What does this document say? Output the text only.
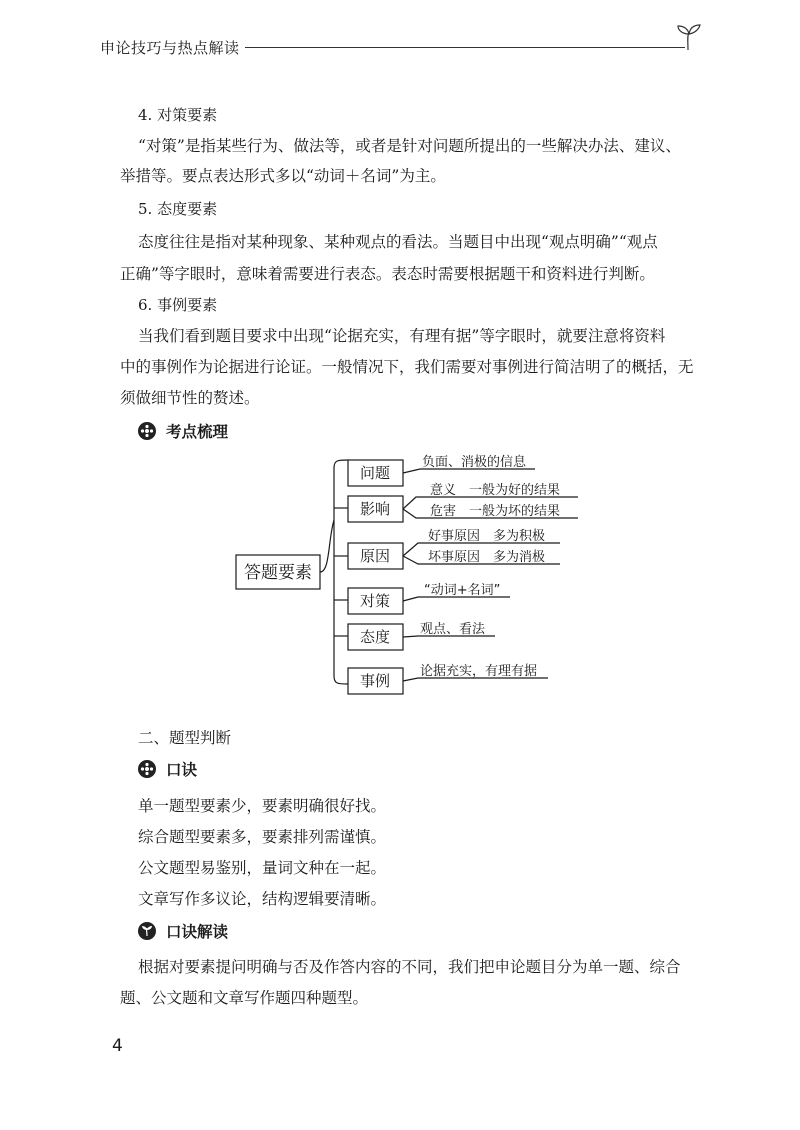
申论技巧与热点解读
4. 对策要素
“对策”是指某些行为、做法等，或者是针对问题所提出的一些解决办法、建议、
举措等。要点表达形式多以“动词＋名词”为主。
5. 态度要素
态度往往是指对某种现象、某种观点的看法。当题目中出现“观点明确”“观点
正确”等字眼时，意味着需要进行表态。表态时需要根据题干和资料进行判断。
6. 事例要素
当我们看到题目要求中出现“论据充实，有理有据”等字眼时，就要注意将资料
中的事例作为论据进行论证。一般情况下，我们需要对事例进行简洁明了的概括，无
须做细节性的赘述。
考点梳理
答题要素
问题
影响
原因
对策
态度
事例
负面、消极的信息
意义　一般为好的结果
危害　一般为坏的结果
好事原因　多为积极
坏事原因　多为消极
“动词+名词”
观点、看法
论据充实，有理有据
二、题型判断
口诀
单一题型要素少，要素明确很好找。
综合题型要素多，要素排列需谨慎。
公文题型易鉴别，量词文种在一起。
文章写作多议论，结构逻辑要清晰。
口诀解读
根据对要素提问明确与否及作答内容的不同，我们把申论题目分为单一题、综合
题、公文题和文章写作题四种题型。
4
